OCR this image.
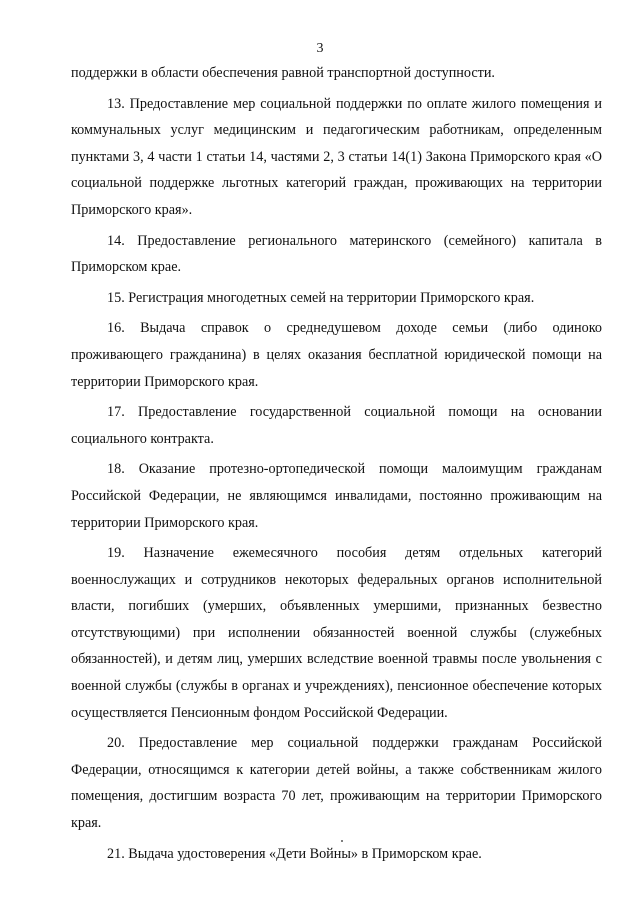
3

поддержки в области обеспечения равной транспортной доступности.

13. Предоставление мер социальной поддержки по оплате жилого помещения и коммунальных услуг медицинским и педагогическим работникам, определенным пунктами 3, 4 части 1 статьи 14, частями 2, 3 статьи 14(1) Закона Приморского края «О социальной поддержке льготных категорий граждан, проживающих на территории Приморского края».

14. Предоставление регионального материнского (семейного) капитала в Приморском крае.

15. Регистрация многодетных семей на территории Приморского края.

16. Выдача справок о среднедушевом доходе семьи (либо одиноко проживающего гражданина) в целях оказания бесплатной юридической помощи на территории Приморского края.

17. Предоставление государственной социальной помощи на основании социального контракта.

18. Оказание протезно-ортопедической помощи малоимущим гражданам Российской Федерации, не являющимся инвалидами, постоянно проживающим на территории Приморского края.

19. Назначение ежемесячного пособия детям отдельных категорий военнослужащих и сотрудников некоторых федеральных органов исполнительной власти, погибших (умерших, объявленных умершими, признанных безвестно отсутствующими) при исполнении обязанностей военной службы (служебных обязанностей), и детям лиц, умерших вследствие военной травмы после увольнения с военной службы (службы в органах и учреждениях), пенсионное обеспечение которых осуществляется Пенсионным фондом Российской Федерации.

20. Предоставление мер социальной поддержки гражданам Российской Федерации, относящимся к категории детей войны, а также собственникам жилого помещения, достигшим возраста 70 лет, проживающим на территории Приморского края.

21. Выдача удостоверения «Дети Войны» в Приморском крае.
